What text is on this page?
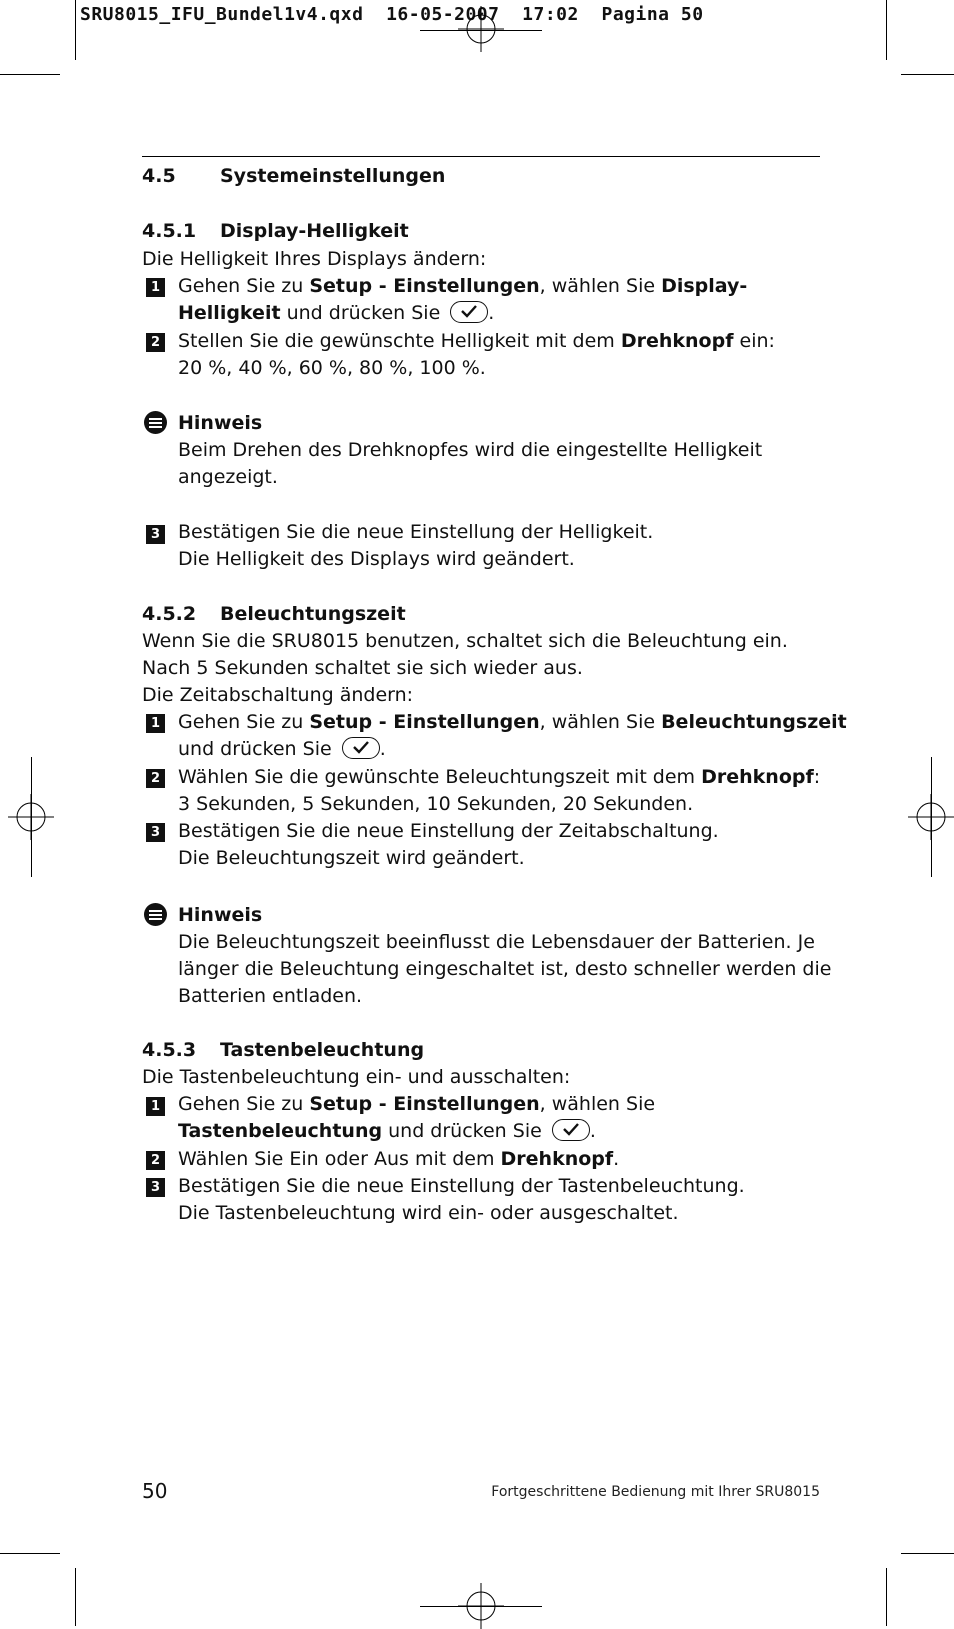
SRU8015_IFU_Bundel1v4.qxd  16-05-2007  17:02  Pagina 50
4.5 Systemeinstellungen
4.5.1 Display-Helligkeit
Die Helligkeit Ihres Displays ändern:
1 Gehen Sie zu Setup - Einstellungen, wählen Sie Display-
Helligkeit und drücken Sie
.
2 Stellen Sie die gewünschte Helligkeit mit dem Drehknopf ein:
20 %, 40 %, 60 %, 80 %, 100 %.
Hinweis
Beim Drehen des Drehknopfes wird die eingestellte Helligkeit
angezeigt.
3 Bestätigen Sie die neue Einstellung der Helligkeit.
Die Helligkeit des Displays wird geändert.
4.5.2 Beleuchtungszeit
Wenn Sie die SRU8015 benutzen, schaltet sich die Beleuchtung ein.
Nach 5 Sekunden schaltet sie sich wieder aus.
Die Zeitabschaltung ändern:
1 Gehen Sie zu Setup - Einstellungen, wählen Sie Beleuchtungszeit
und drücken Sie
.
2 Wählen Sie die gewünschte Beleuchtungszeit mit dem Drehknopf:
3 Sekunden, 5 Sekunden, 10 Sekunden, 20 Sekunden.
3 Bestätigen Sie die neue Einstellung der Zeitabschaltung.
Die Beleuchtungszeit wird geändert.
Hinweis
Die Beleuchtungszeit beeinflusst die Lebensdauer der Batterien. Je
länger die Beleuchtung eingeschaltet ist, desto schneller werden die
Batterien entladen.
4.5.3 Tastenbeleuchtung
Die Tastenbeleuchtung ein- und ausschalten:
1 Gehen Sie zu Setup - Einstellungen, wählen Sie
Tastenbeleuchtung und drücken Sie
.
2 Wählen Sie Ein oder Aus mit dem Drehknopf.
3 Bestätigen Sie die neue Einstellung der Tastenbeleuchtung.
Die Tastenbeleuchtung wird ein- oder ausgeschaltet.
50	Fortgeschrittene Bedienung mit Ihrer SRU8015
